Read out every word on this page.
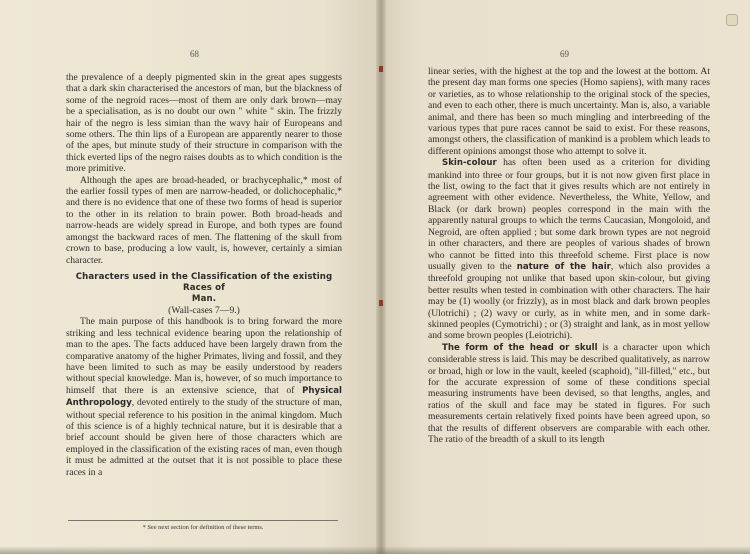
68

the prevalence of a deeply pigmented skin in the great apes suggests that a dark skin characterised the ancestors of man, but the blackness of some of the negroid races—most of them are only dark brown—may be a specialisation, as is no doubt our own " white " skin. The frizzly hair of the negro is less simian than the wavy hair of Europeans and some others. The thin lips of a European are apparently nearer to those of the apes, but minute study of their structure in comparison with the thick everted lips of the negro raises doubts as to which condition is the more primitive.

Although the apes are broad-headed, or brachycephalic,* most of the earlier fossil types of men are narrow-headed, or dolichocephalic,* and there is no evidence that one of these two forms of head is superior to the other in its relation to brain power. Both broad-heads and narrow-heads are widely spread in Europe, and both types are found amongst the backward races of men. The flattening of the skull from crown to base, producing a low vault, is, however, certainly a simian character.

Characters used in the Classification of the existing Races of

Man.

(Wall-cases 7—9.)

The main purpose of this handbook is to bring forward the more striking and less technical evidence bearing upon the relationship of man to the apes. The facts adduced have been largely drawn from the comparative anatomy of the higher Primates, living and fossil, and they have been limited to such as may be easily understood by readers without special knowledge. Man is, however, of so much importance to himself that there is an extensive science, that of Physical Anthropology, devoted entirely to the study of the structure of man, without special reference to his position in the animal kingdom. Much of this science is of a highly technical nature, but it is desirable that a brief account should be given here of those characters which are employed in the classification of the existing races of man, even though it must be admitted at the outset that it is not possible to place these races in a

* See next section for definition of these terms.
69

linear series, with the highest at the top and the lowest at the bottom. At the present day man forms one species (Homo sapiens), with many races or varieties, as to whose relationship to the original stock of the species, and even to each other, there is much uncertainty. Man is, also, a variable animal, and there has been so much mingling and interbreeding of the various types that pure races cannot be said to exist. For these reasons, amongst others, the classification of mankind is a problem which leads to different opinions amongst those who attempt to solve it.

Skin-colour has often been used as a criterion for dividing mankind into three or four groups, but it is not now given first place in the list, owing to the fact that it gives results which are not entirely in agreement with other evidence. Nevertheless, the White, Yellow, and Black (or dark brown) peoples correspond in the main with the apparently natural groups to which the terms Caucasian, Mongoloid, and Negroid, are often applied ; but some dark brown types are not negroid in other characters, and there are peoples of various shades of brown who cannot be fitted into this threefold scheme. First place is now usually given to the nature of the hair, which also provides a threefold grouping not unlike that based upon skin-colour, but giving better results when tested in combination with other characters. The hair may be (1) woolly (or frizzly), as in most black and dark brown peoples (Ulotrichi) ; (2) wavy or curly, as in white men, and in some dark-skinned peoples (Cymotrichi) ; or (3) straight and lank, as in most yellow and some brown peoples (Leiotrichi).

The form of the head or skull is a character upon which considerable stress is laid. This may be described qualitatively, as narrow or broad, high or low in the vault, keeled (scaphoid), "ill-filled," etc., but for the accurate expression of some of these conditions special measuring instruments have been devised, so that lengths, angles, and ratios of the skull and face may be stated in figures. For such measurements certain relatively fixed points have been agreed upon, so that the results of different observers are comparable with each other. The ratio of the breadth of a skull to its length
